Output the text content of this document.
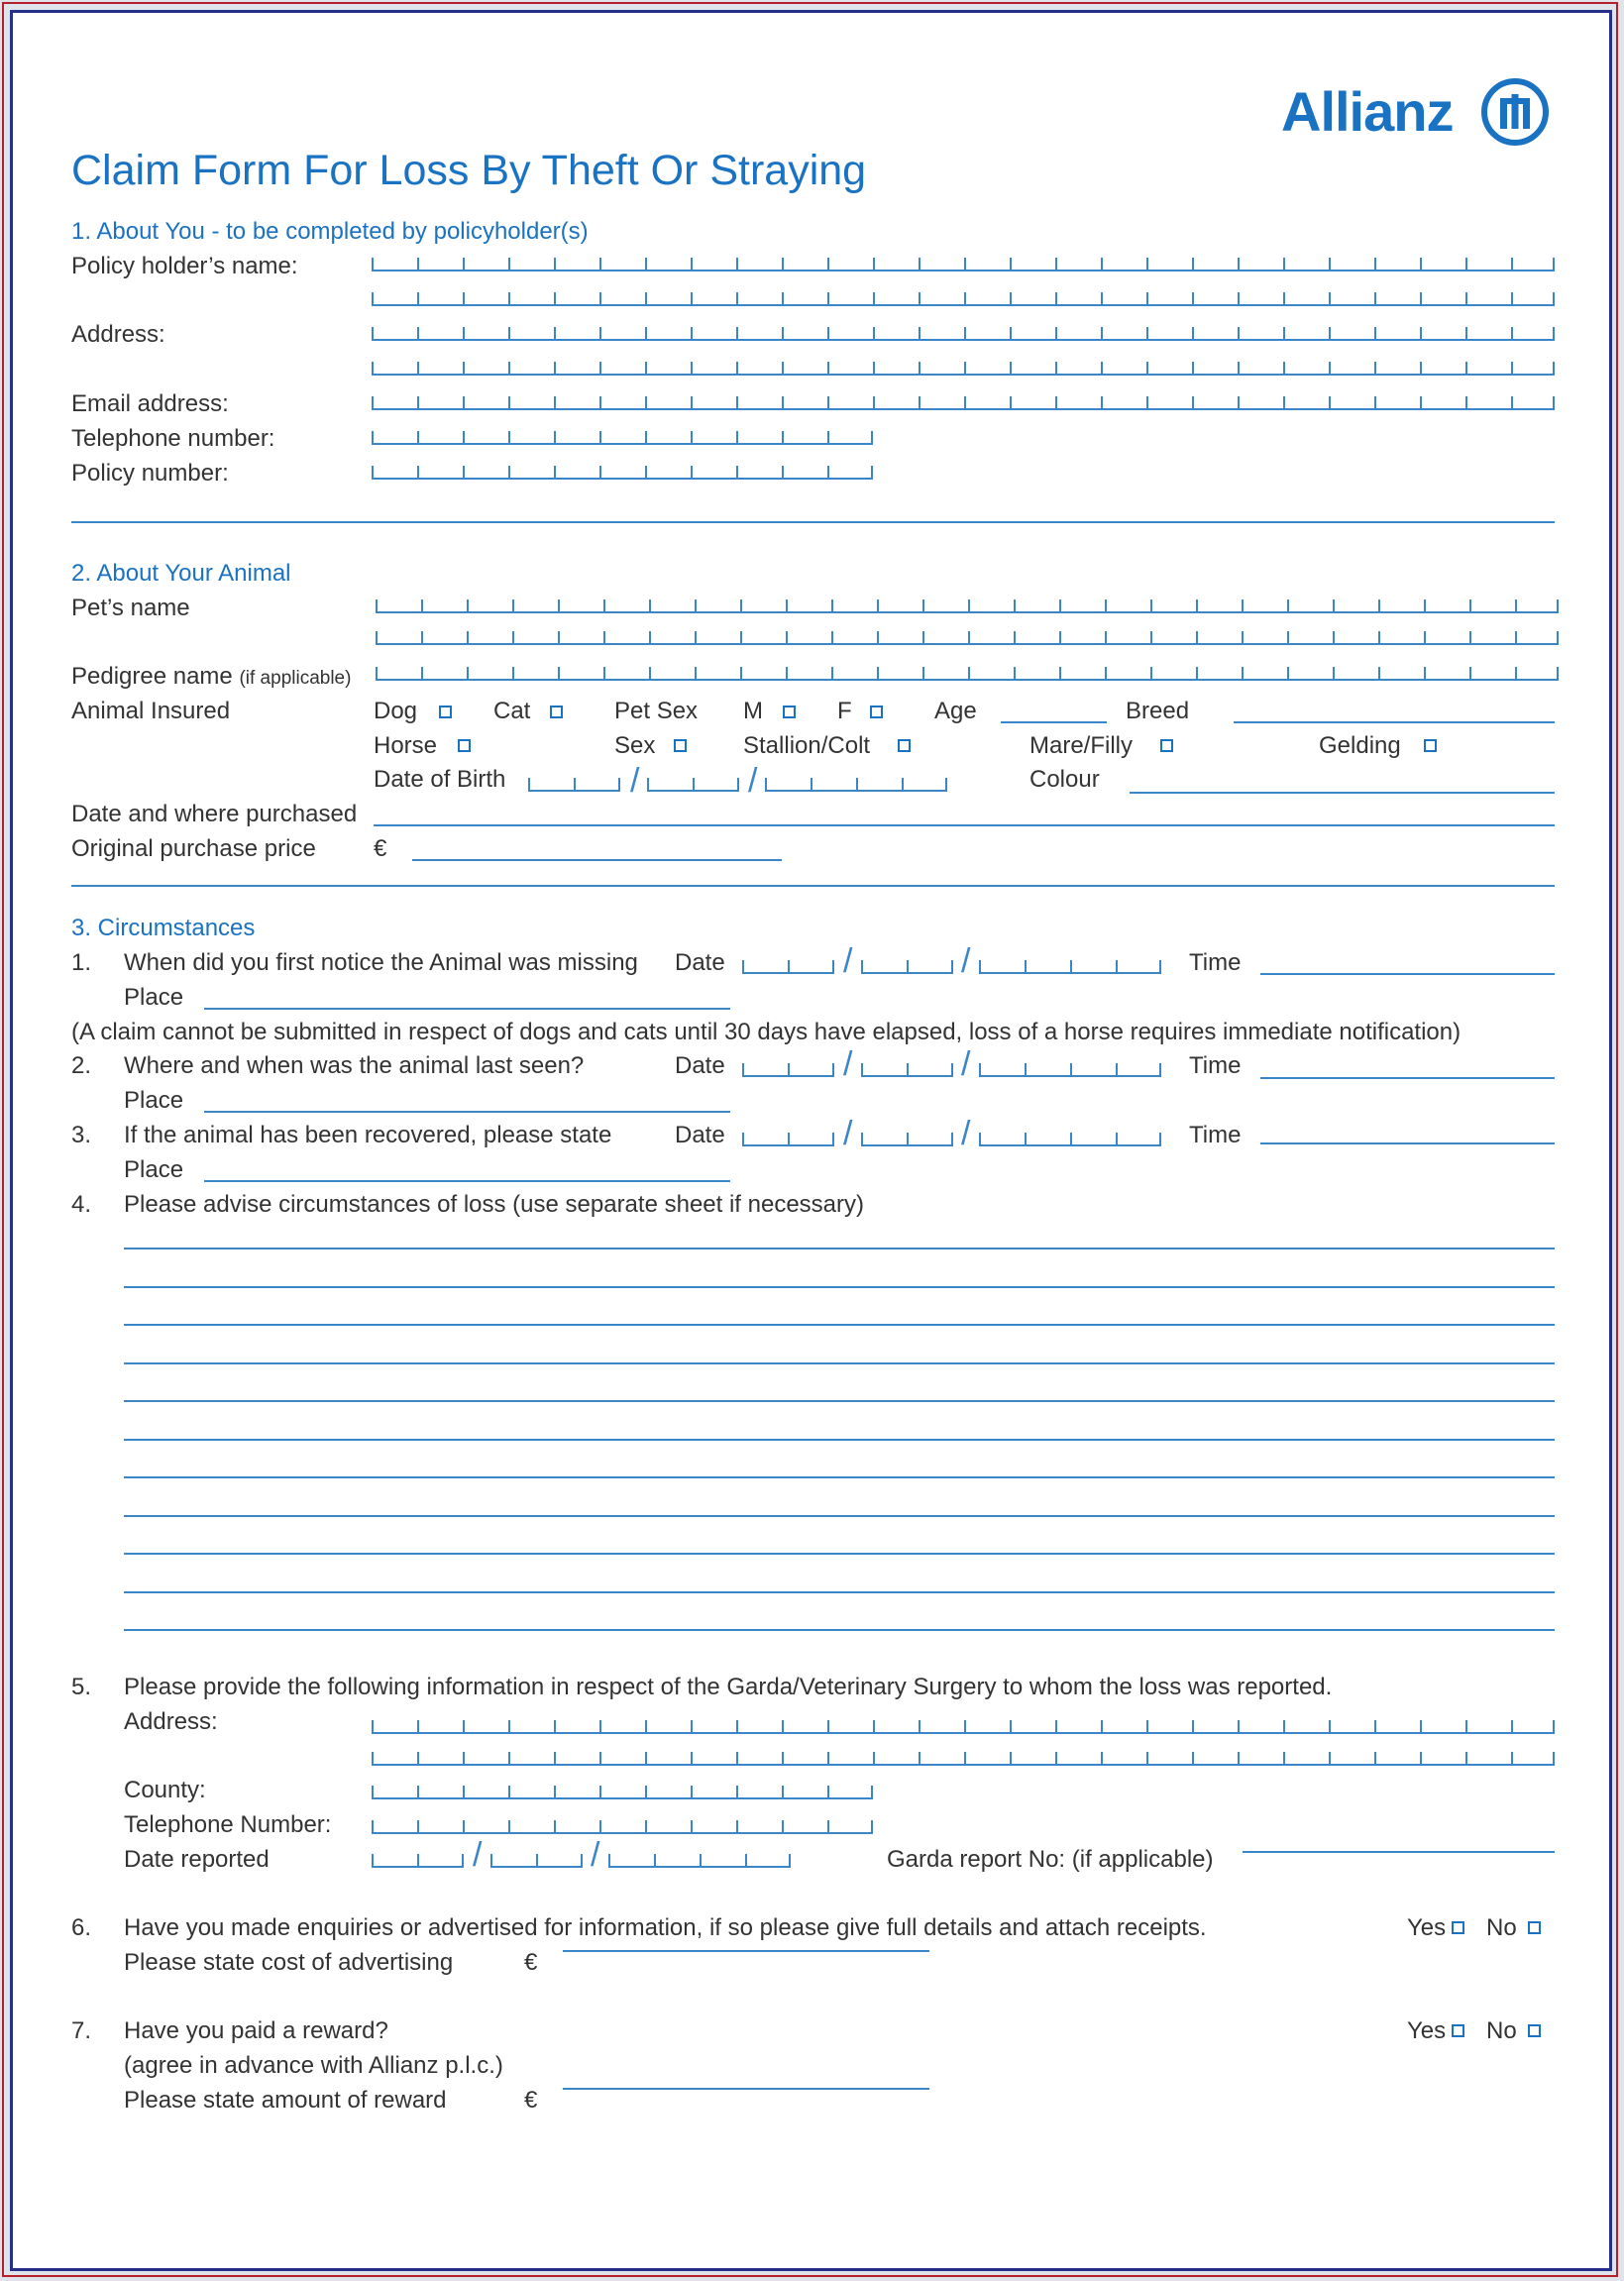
Allianz
Claim Form For Loss By Theft Or Straying
1. About You - to be completed by policyholder(s)
Policy holder’s name:
Address:
Email address:
Telephone number:
Policy number:
2. About Your Animal
Pet’s name
Pedigree name (if applicable)
Animal Insured	Dog	Cat	Pet Sex M	F	Age	Breed
Horse	Sex	Stallion/Colt	Mare/Filly	Gelding
Date of Birth	/	/	Colour
Date and where purchased
Original purchase price €
3. Circumstances
1. When did you first notice the Animal was missing Date	/	/	Time
Place
(A claim cannot be submitted in respect of dogs and cats until 30 days have elapsed, loss of a horse requires immediate notification)
2. Where and when was the animal last seen?	Date	/	/	Time
Place
3. If the animal has been recovered, please state	Date	/	/	Time
Place
4. Please advise circumstances of loss (use separate sheet if necessary)
5. Please provide the following information in respect of the Garda/Veterinary Surgery to whom the loss was reported.
Address:
County:
Telephone Number:
Date reported	/	/	Garda report No: (if applicable)
6. Have you made enquiries or advertised for information, if so please give full details and attach receipts.	Yes No
Please state cost of advertising	€
7. Have you paid a reward?	Yes No
(agree in advance with Allianz p.l.c.)
Please state amount of reward	€
